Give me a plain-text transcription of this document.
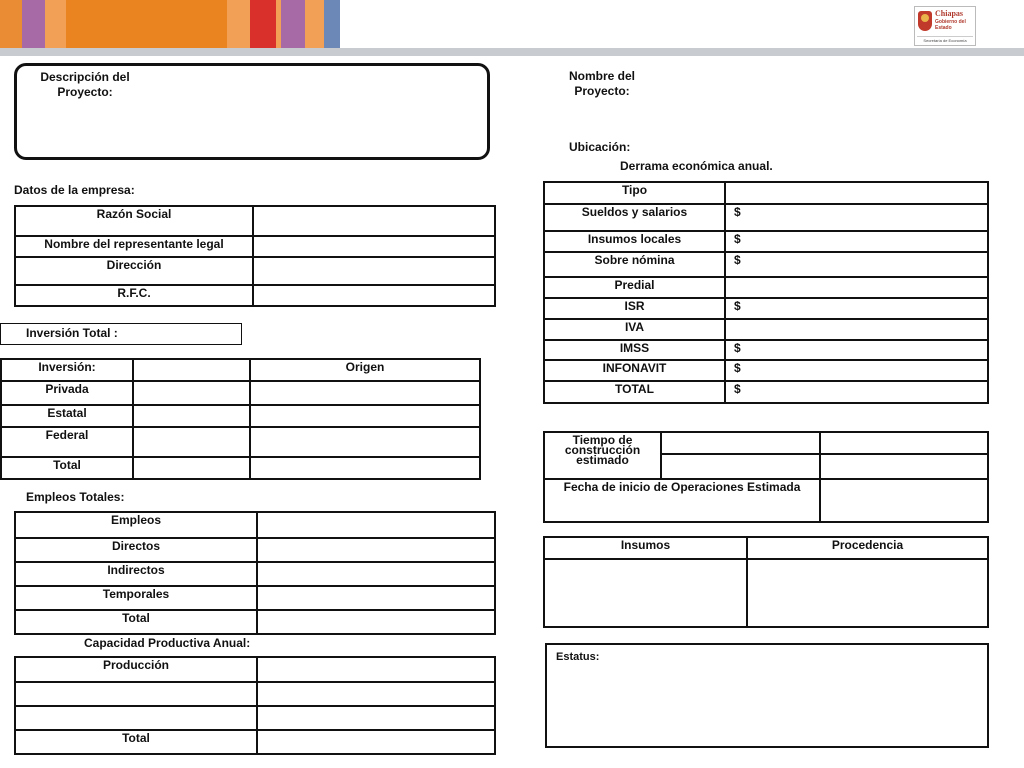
Chiapas
Gobierno del Estado
Secretaría de Economía
Descripción del
Proyecto:
Nombre del
Proyecto:
Ubicación:
Datos de la empresa:
Razón Social	
Nombre del representante legal	
Dirección	
R.F.C.	
Inversión Total :
Inversión:		Origen
Privada		
Estatal		
Federal		
Total		
Empleos Totales:
Empleos	
Directos	
Indirectos	
Temporales	
Total	
Capacidad Productiva Anual:
Producción	

Total	
Derrama económica anual.
Tipo	
Sueldos y salarios	$
Insumos locales	$
Sobre nómina	$
Predial	
ISR	$
IVA	
IMSS	$
INFONAVIT	$
TOTAL	$
Tiempo de construcción estimado		

Fecha de inicio de Operaciones Estimada		
Insumos	Procedencia

Estatus:
